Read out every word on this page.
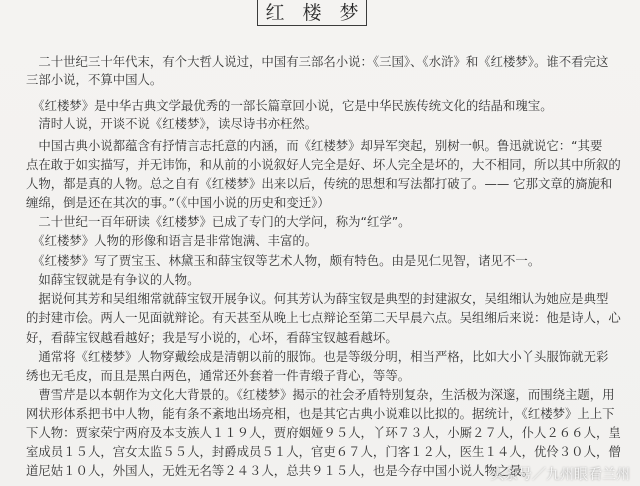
红 楼 梦
　二十世纪三十年代末，有个大哲人说过，中国有三部名小说：《三国》、《水浒》和《红楼梦》。谁不看完这
三部小说，不算中国人。
　《红楼梦》是中华古典文学最优秀的一部长篇章回小说，它是中华民族传统文化的结晶和瑰宝。
　清时人说，开谈不说《红楼梦》，读尽诗书亦枉然。
　中国古典小说都蕴含有抒情言志托意的内涵，而《红楼梦》却异军突起，别树一帜。鲁迅就说它：“其要
点在敢于如实描写，并无讳饰，和从前的小说叙好人完全是好、坏人完全是坏的，大不相同，所以其中所叙的
人物，都是真的人物。总之自有《红楼梦》出来以后，传统的思想和写法都打破了。—— 它那文章的旖旎和
缠绵，倒是还在其次的事。”（《中国小说的历史和变迁》）
　二十世纪一百年研读《红楼梦》已成了专门的大学问，称为“红学”。
　《红楼梦》人物的形像和语言是非常饱满、丰富的。
　《红楼梦》写了贾宝玉、林黛玉和薛宝钗等艺术人物，颇有特色。由是见仁见智，诸见不一。
　如薛宝钗就是有争议的人物。
　据说何其芳和吴组缃常就薛宝钗开展争议。何其芳认为薛宝钗是典型的封建淑女，吴组缃认为她应是典型
的封建市侩。两人一见面就辩论。有天甚至从晚上七点辩论至第二天早晨六点。吴组缃后来说：他是诗人，心
好，看薛宝钗越看越好；我是写小说的，心坏，看薛宝钗越看越坏。
　通常将《红楼梦》人物穿戴绘成是清朝以前的服饰。也是等级分明，相当严格，比如大小丫头服饰就无彩
绣也无毛皮，而且是黑白两色，通常还外套着一件青缎子背心，等等。
　曹雪芹是以本朝作为文化大背景的。《红楼梦》揭示的社会矛盾特别复杂，生活极为深邃，而围绕主题，用
网状形体系把书中人物，能有条不紊地出场亮相，也是其它古典小说难以比拟的。据统计，《红楼梦》上上下
下人物：贾家荣宁两府及本支族人１１９人，贾府姻娅９５人，丫环７３人，小厮２７人，仆人２６６人，皇
室成员１５人，宫女太监５５人，封爵成员５１人，官吏６７人，门客１２人，医生１４人，优伶３０人，僧
道尼姑１０人，外国人，无姓无名等２４３人，总共９１５人，也是今存中国小说人物之最。
头条号／九州眼看兰州
